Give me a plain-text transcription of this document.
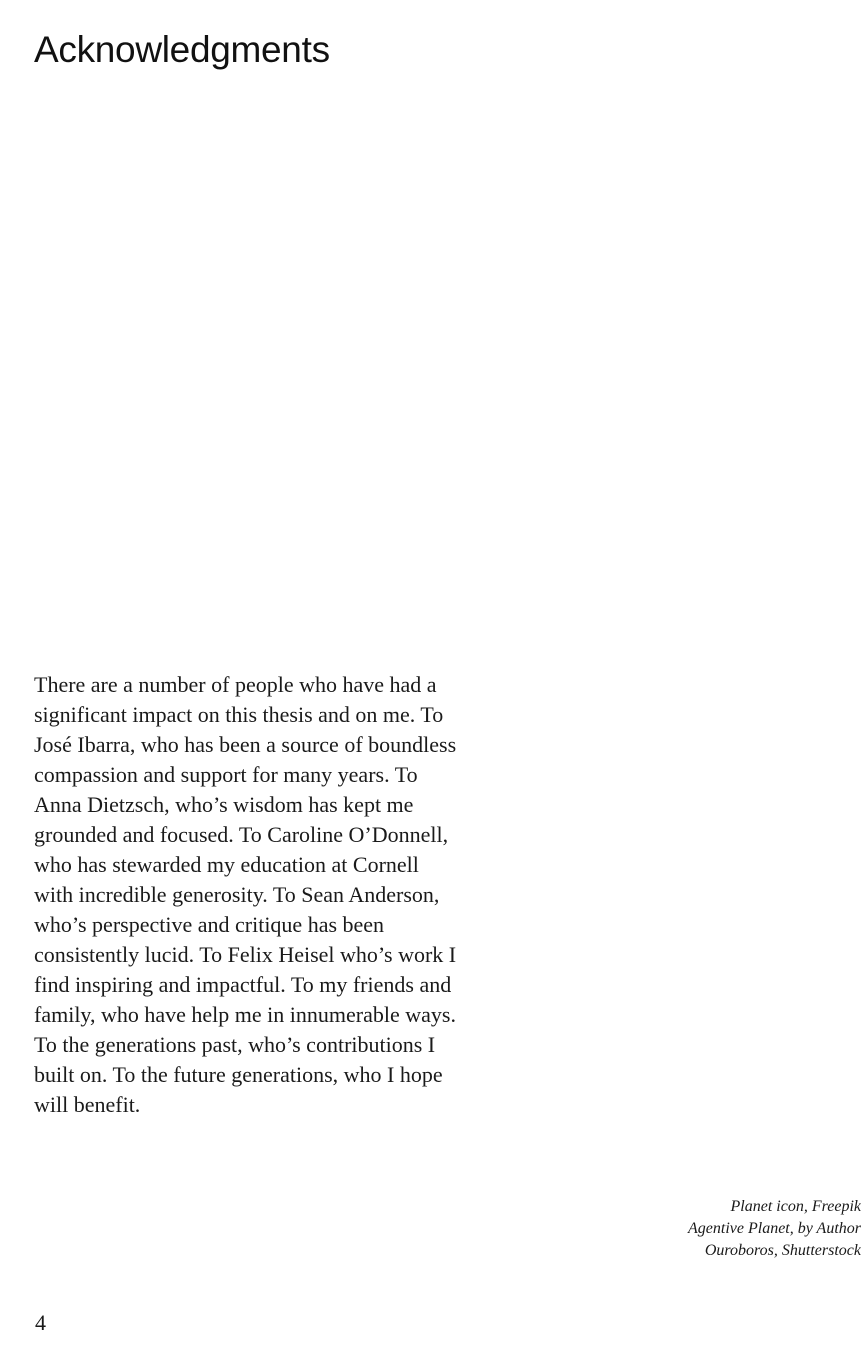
Acknowledgments
There are a number of people who have had a
significant impact on this thesis and on me. To
José Ibarra, who has been a source of boundless
compassion and support for many years. To
Anna Dietzsch, who’s wisdom has kept me
grounded and focused. To Caroline O’Donnell,
who has stewarded my education at Cornell
with incredible generosity. To Sean Anderson,
who’s perspective and critique has been
consistently lucid. To Felix Heisel who’s work I
find inspiring and impactful. To my friends and
family, who have help me in innumerable ways.
To the generations past, who’s contributions I
built on. To the future generations, who I hope
will benefit.
Planet icon, Freepik
Agentive Planet, by Author
Ouroboros, Shutterstock
4
